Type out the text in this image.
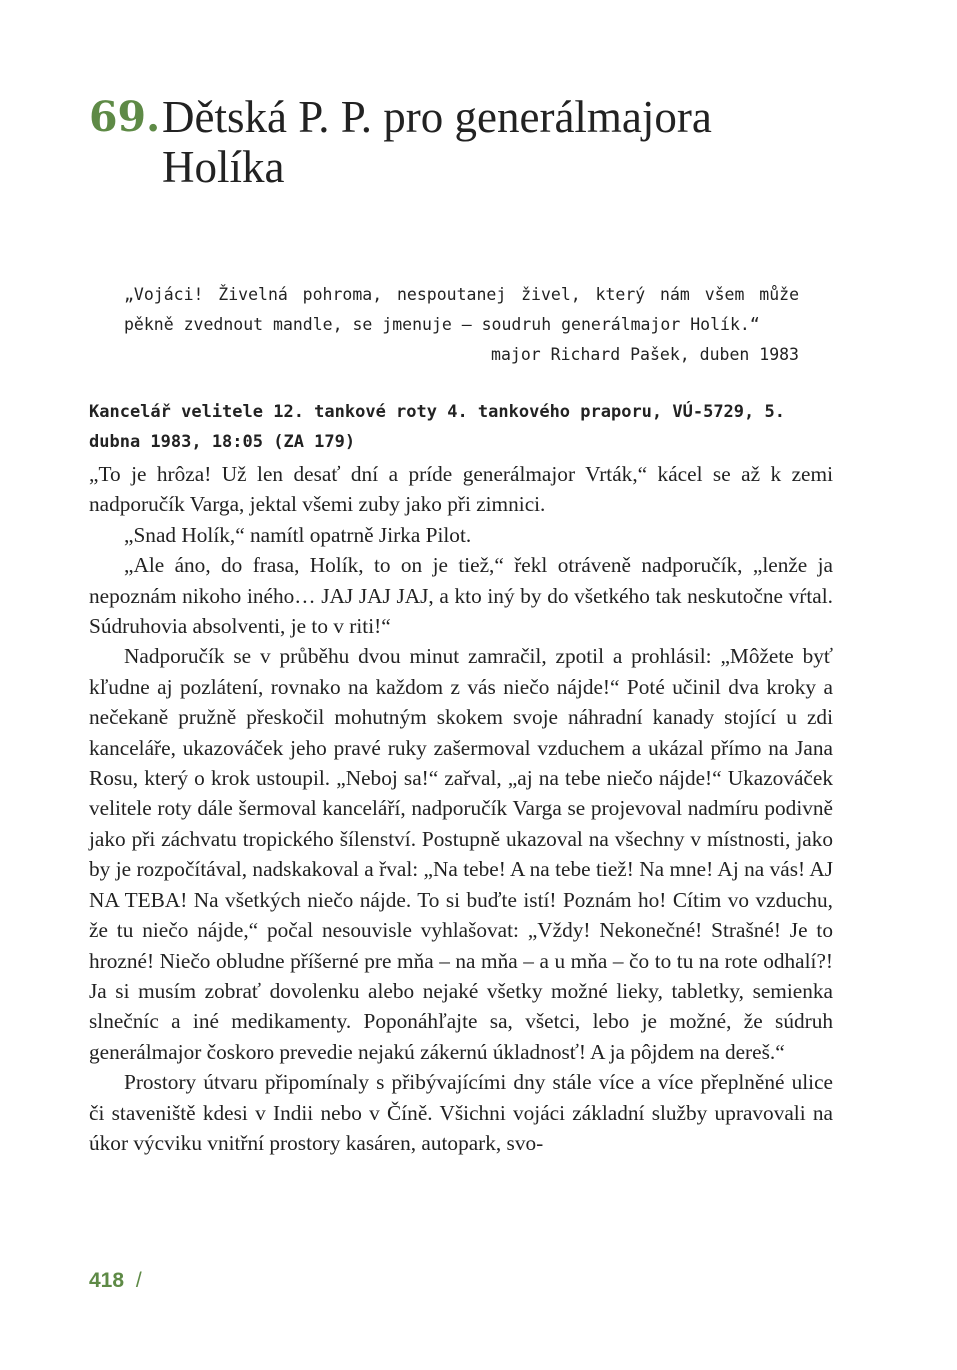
69. Dětská P. P. pro generálmajora Holíka
„Vojáci! Živelná pohroma, nespoutanej živel, který nám všem může pěkně zvednout mandle, se jmenuje – soudruh generálmajor Holík.“
major Richard Pašek, duben 1983
Kancelář velitele 12. tankové roty 4. tankového praporu, VÚ-5729, 5. dubna 1983, 18:05 (ZA 179)

„To je hrôza! Už len desať dní a príde generálmajor Vrták,“ kácel se až k zemi nadporučík Varga, jektal všemi zuby jako při zimnici.

„Snad Holík,“ namítl opatrně Jirka Pilot.

„Ale áno, do frasa, Holík, to on je tiež,“ řekl otráveně nadporučík, „lenže ja nepoznám nikoho iného… JAJ JAJ JAJ, a kto iný by do všetkého tak neskutočne vŕtal. Súdruhovia absolventi, je to v riti!“

Nadporučík se v průběhu dvou minut zamračil, zpotil a prohlásil: „Môžete byť kľudne aj pozlátení, rovnako na každom z vás niečo nájde!“ Poté učinil dva kroky a nečekaně pružně přeskočil mohutným skokem svoje náhradní kanady stojící u zdi kanceláře, ukazováček jeho pravé ruky zašermoval vzduchem a ukázal přímo na Jana Rosu, který o krok ustoupil. „Neboj sa!“ zařval, „aj na tebe niečo nájde!“ Ukazováček velitele roty dále šermoval kanceláří, nadporučík Varga se projevoval nadmíru podivně jako při záchvatu tropického šílenství. Postupně ukazoval na všechny v místnosti, jako by je rozpočítával, nadskakoval a řval: „Na tebe! A na tebe tiež! Na mne! Aj na vás! AJ NA TEBA! Na všetkých niečo nájde. To si buďte istí! Poznám ho! Cítim vo vzduchu, že tu niečo nájde,“ počal nesouvisle vyhlašovat: „Vždy! Nekonečné! Strašné! Je to hrozné! Niečo obludne příšerné pre mňa – na mňa – a u mňa – čo to tu na rote odhalí?! Ja si musím zobrať dovolenku alebo nejaké všetky možné lieky, tabletky, semienka slnečníc a iné medikamenty. Poponáhľajte sa, všetci, lebo je možné, že súdruh generálmajor čoskoro prevedie nejakú zákernú úkladnosť! A ja pôjdem na dereš.“

Prostory útvaru připomínaly s přibývajícími dny stále více a více přeplněné ulice či staveniště kdesi v Indii nebo v Číně. Všichni vojáci základní služby upravovali na úkor výcviku vnitřní prostory kasáren, autopark, svo-

418 /
